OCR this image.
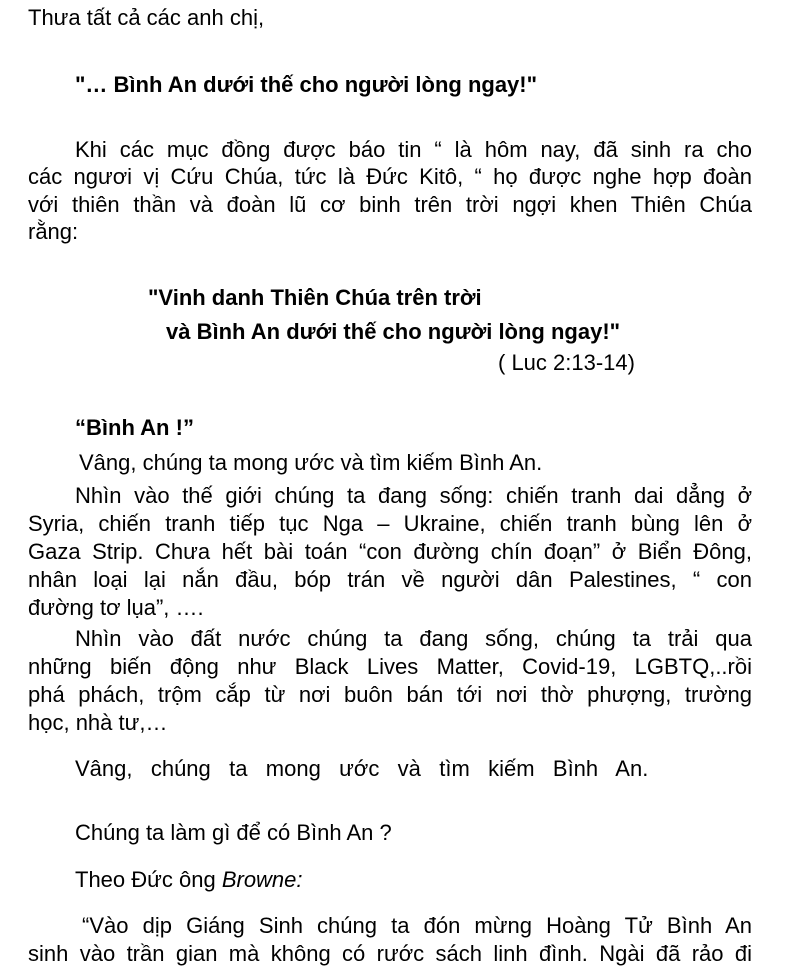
Thưa tất cả các anh chị,
"… Bình An dưới thế cho người lòng ngay!"
Khi các mục đồng được báo tin “ là hôm nay, đã sinh ra cho
các ngươi vị Cứu Chúa, tức là Đức Kitô, “ họ được nghe hợp đoàn
với thiên thần và đoàn lũ cơ binh trên trời ngợi khen Thiên Chúa
rằng:
"Vinh danh Thiên Chúa trên trời
và Bình An dưới thế cho người lòng ngay!"
( Luc 2:13-14)
“Bình An !”
Vâng, chúng ta mong ước và tìm kiếm Bình An.
Nhìn vào thế giới chúng ta đang sống: chiến tranh dai dẳng ở
Syria, chiến tranh tiếp tục Nga – Ukraine, chiến tranh bùng lên ở
Gaza Strip. Chưa hết bài toán “con đường chín đoạn” ở Biển Đông,
nhân loại lại nắn đầu, bóp trán về người dân Palestines, “ con
đường tơ lụa”, ….
Nhìn vào đất nước chúng ta đang sống, chúng ta trải qua
những biến động như Black Lives Matter, Covid-19, LGBTQ,..rồi
phá phách, trộm cắp từ nơi buôn bán tới nơi thờ phượng, trường
học, nhà tư,…
Vâng,   chúng   ta   mong   ước   và   tìm   kiếm   Bình   An.
Chúng ta làm gì để có Bình An ?
Theo Đức ông Browne:
“Vào dịp Giáng Sinh chúng ta đón mừng Hoàng Tử Bình An
sinh vào trần gian mà không có rước sách linh đình. Ngài đã rảo đi
